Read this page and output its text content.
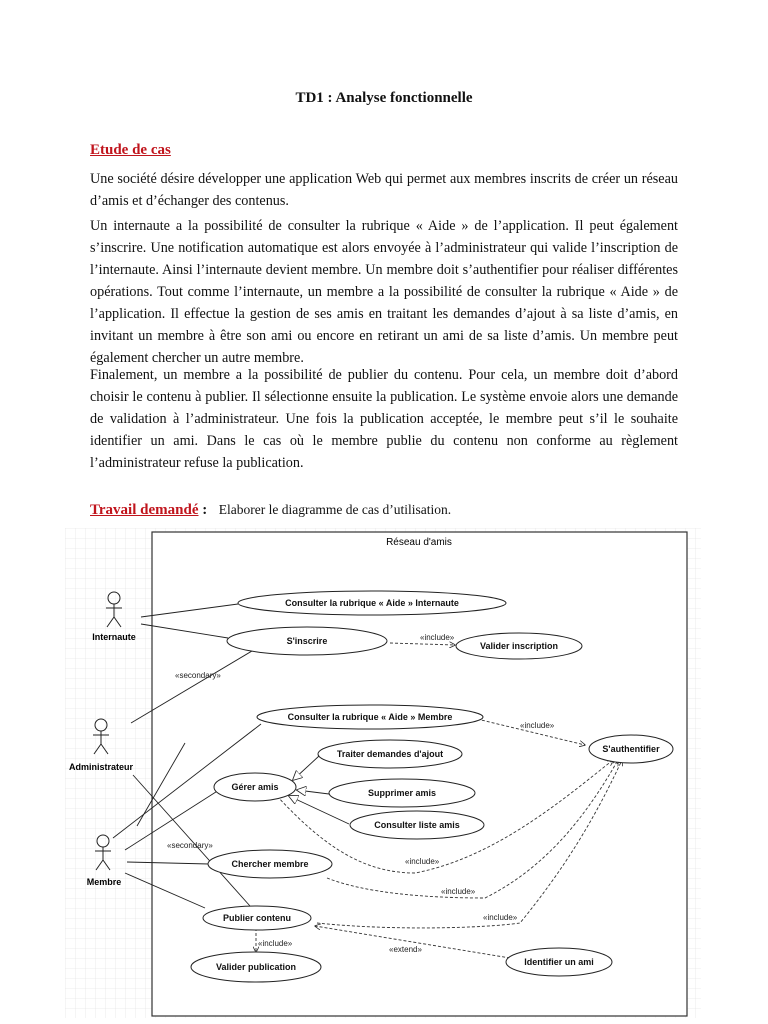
TD1 : Analyse fonctionnelle
Etude de cas

Une société désire développer une application Web qui permet aux membres inscrits de créer un réseau d’amis et d’échanger des contenus.

Un internaute a la possibilité de consulter la rubrique « Aide » de l’application. Il peut également s’inscrire. Une notification automatique est alors envoyée à l’administrateur qui valide l’inscription de l’internaute. Ainsi l’internaute devient membre. Un membre doit s’authentifier pour réaliser différentes opérations. Tout comme l’internaute, un membre a la possibilité de consulter la rubrique « Aide » de l’application. Il effectue la gestion de ses amis en traitant les demandes d’ajout à sa liste d’amis, en invitant un membre à être son ami ou encore en retirant un ami de sa liste d’amis. Un membre peut également chercher un autre membre.

Finalement, un membre a la possibilité de publier du contenu. Pour cela, un membre doit d’abord choisir le contenu à publier. Il sélectionne ensuite la publication. Le système envoie alors une demande de validation à l’administrateur. Une fois la publication acceptée, le membre peut s’il le souhaite identifier un ami. Dans le cas où le membre publie du contenu non conforme au règlement l’administrateur refuse la publication.

Travail demandé : Elaborer le diagramme de cas d’utilisation.
Réseau d'amis
Internaute
Administrateur
Membre
«secondary»
«include»
«include»
«secondary»
«include»
«include»
«include»
«include»
«extend»
Consulter la rubrique « Aide » Internaute
S'inscrire	Valider inscription
Consulter la rubrique « Aide » Membre
S'authentifier
Traiter demandes d'ajout
Gérer amis
Supprimer amis
Consulter liste amis
Chercher membre
Publier contenu
Valider publication	Identifier un ami
